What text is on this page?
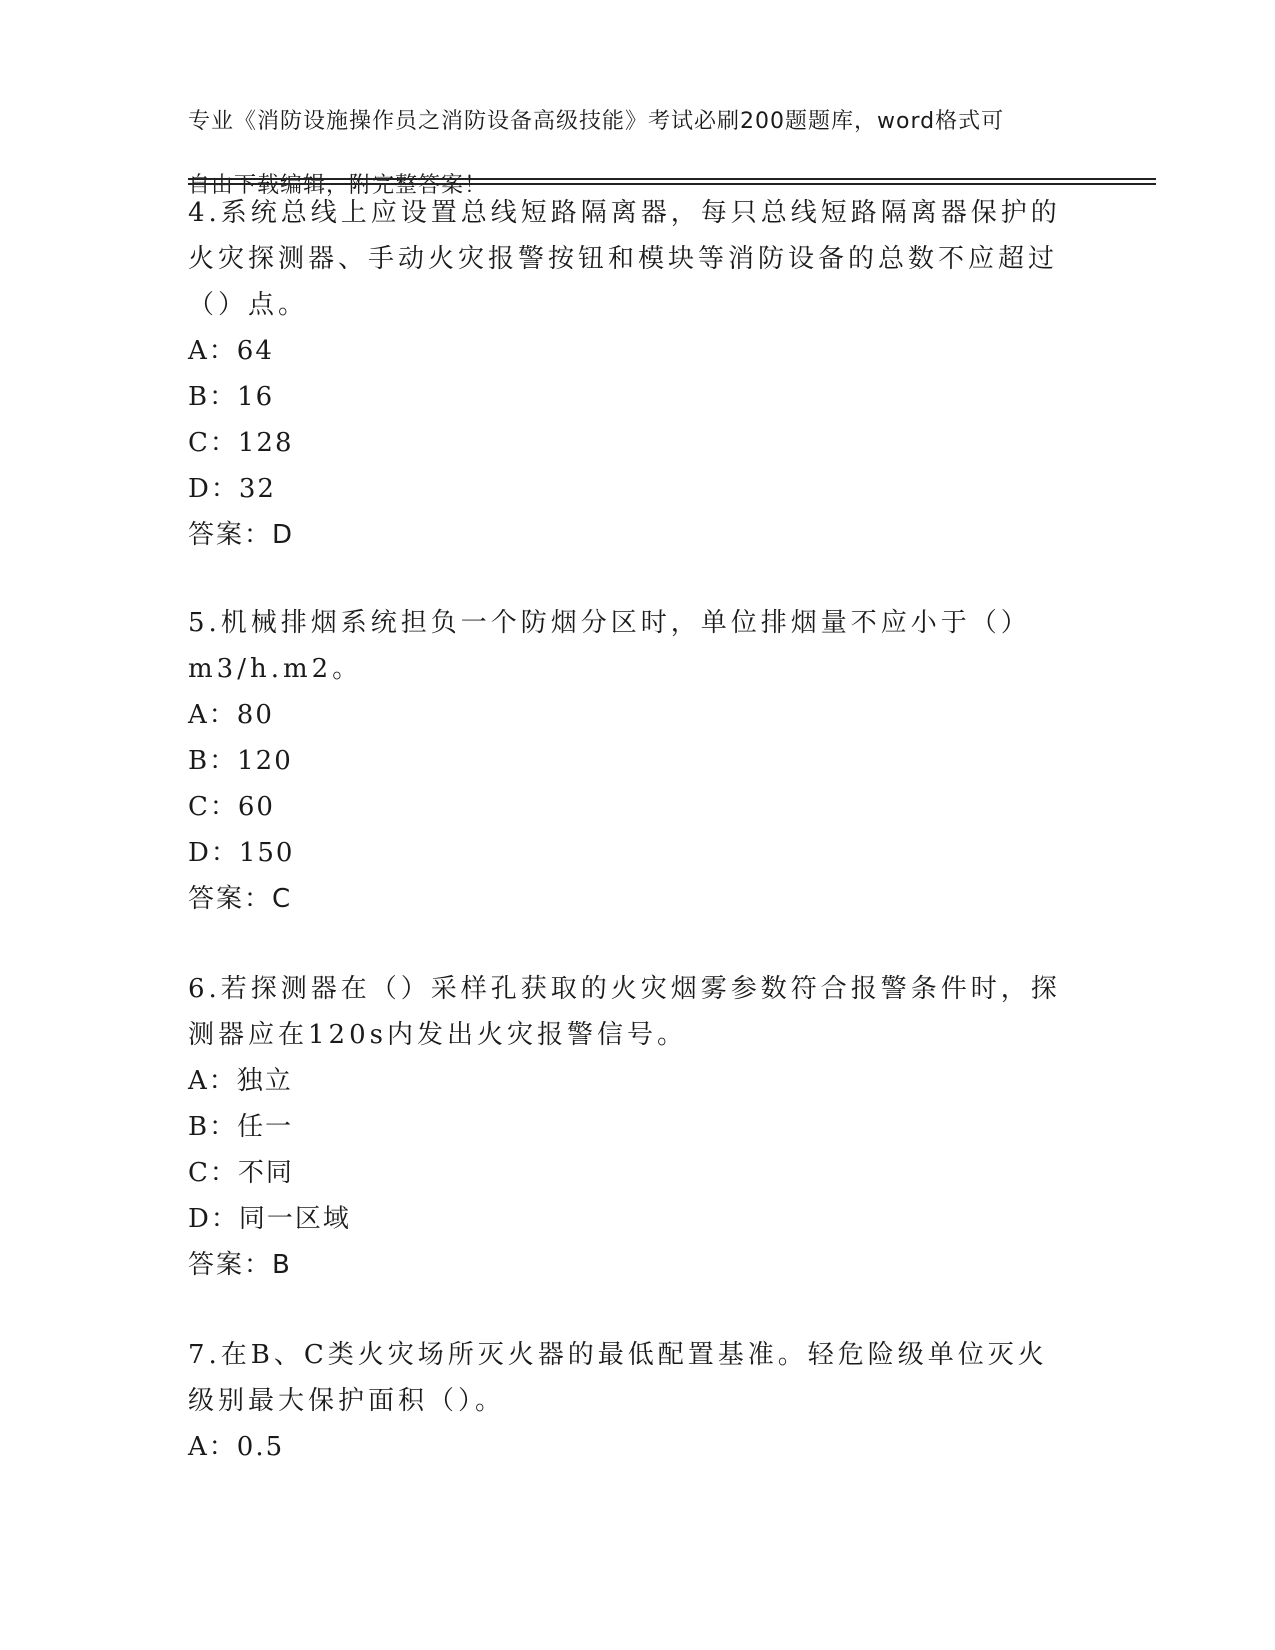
专业《消防设施操作员之消防设备高级技能》考试必刷200题题库，word格式可

自由下载编辑，附完整答案！

4.系统总线上应设置总线短路隔离器，每只总线短路隔离器保护的火灾探测器、手动火灾报警按钮和模块等消防设备的总数不应超过（）点。

A：64

B：16

C：128

D：32

答案：D

5.机械排烟系统担负一个防烟分区时，单位排烟量不应小于（）m3/h.m2。

A：80

B：120

C：60

D：150

答案：C

6.若探测器在（）采样孔获取的火灾烟雾参数符合报警条件时，探测器应在120s内发出火灾报警信号。

A：独立

B：任一

C：不同

D：同一区域

答案：B

7.在B、C类火灾场所灭火器的最低配置基准。轻危险级单位灭火级别最大保护面积（）。

A：0.5
